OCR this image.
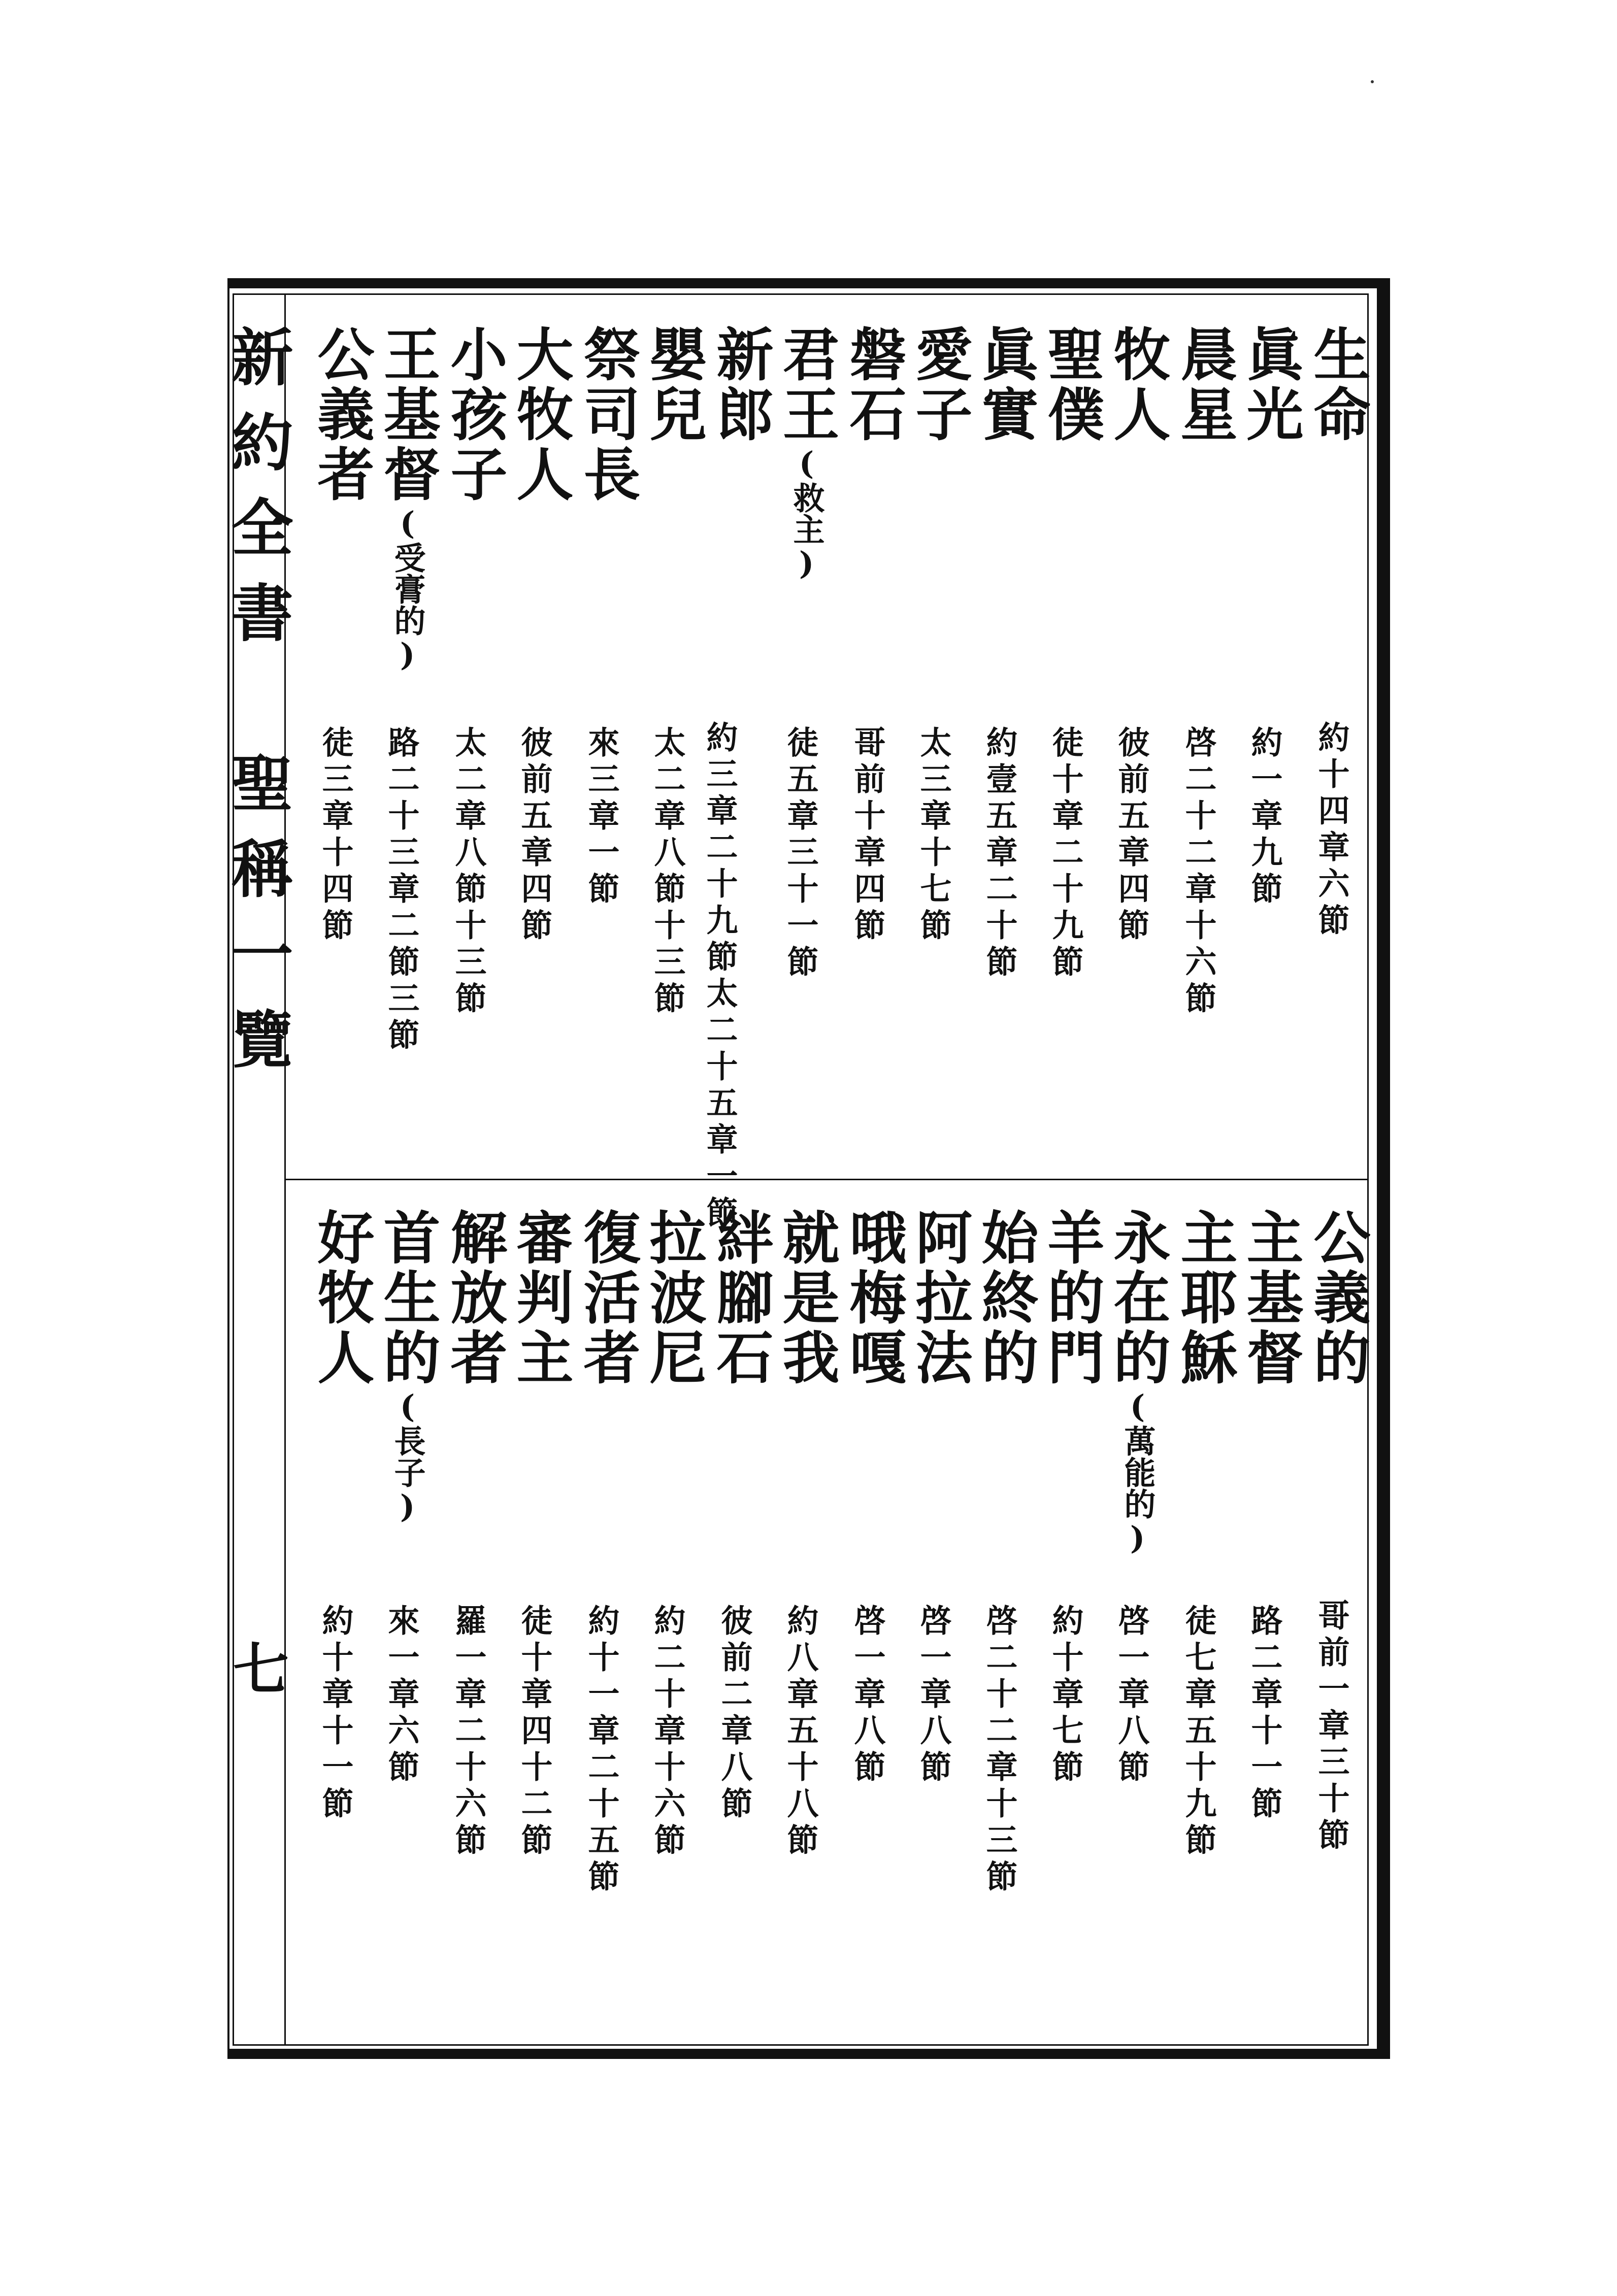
新約全書　聖稱一覽
七
生命
眞光
晨星
牧人
聖僕
眞實
愛子
磐石
君王(救主)
新郎
嬰兒
祭司長
大牧人
小孩子
王基督(受膏的)
公義者
約十四章六節
約一章九節
啓二十二章十六節
彼前五章四節
徒十章二十九節
約壹五章二十節
太三章十七節
哥前十章四節
徒五章三十一節
約三章二十九節太二十五章一節
太二章八節十三節
來三章一節
彼前五章四節
太二章八節十三節
路二十三章二節三節
徒三章十四節
公義的
主基督
主耶穌
永在的(萬能的)
羊的門
始終的
阿拉法
哦梅嘎
就是我
絆腳石
拉波尼
復活者
審判主
解放者
首生的(長子)
好牧人
哥前一章三十節
路二章十一節
徒七章五十九節
啓一章八節
約十章七節
啓二十二章十三節
啓一章八節
啓一章八節
約八章五十八節
彼前二章八節
約二十章十六節
約十一章二十五節
徒十章四十二節
羅一章二十六節
來一章六節
約十章十一節
